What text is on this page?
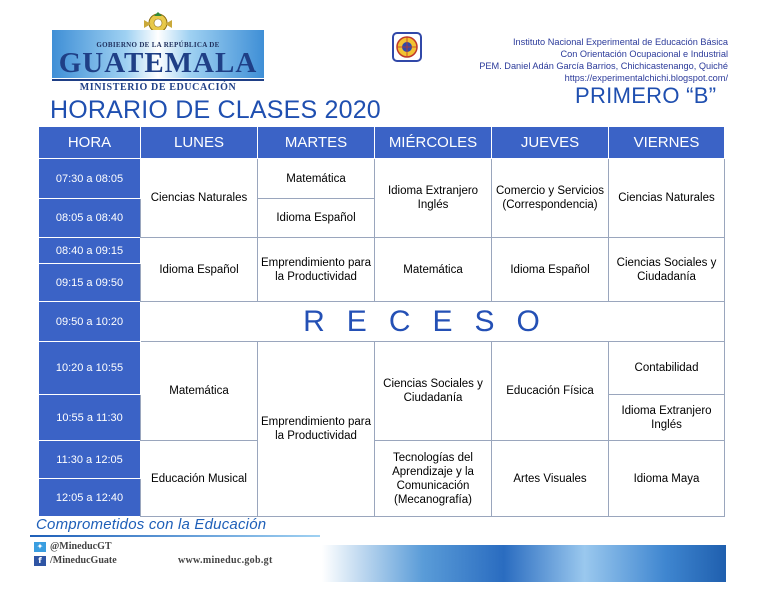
GOBIERNO DE LA REPÚBLICA DE
GUATEMALA
MINISTERIO DE EDUCACIÓN
Instituto Nacional Experimental de Educación Básica
Con Orientación Ocupacional e Industrial
PEM. Daniel Adán García Barrios, Chichicastenango, Quiché
https://experimentalchichi.blogspot.com/
HORARIO DE CLASES 2020
PRIMERO “B”
HORA	LUNES	MARTES	MIÉRCOLES	JUEVES	VIERNES
07:30 a 08:05	Ciencias Naturales	Matemática	Idioma Extranjero Inglés	Comercio y Servicios (Correspondencia)	Ciencias Naturales
08:05 a 08:40		Idioma Español			
08:40 a 09:15	Idioma Español	Emprendimiento para la Productividad	Matemática	Idioma Español	Ciencias Sociales y Ciudadanía
09:15 a 09:50					
09:50 a 10:20	RECESO				
10:20 a 10:55	Matemática	Emprendimiento para la Productividad	Ciencias Sociales y Ciudadanía	Educación Física	Contabilidad
10:55 a 11:30					Idioma Extranjero Inglés
11:30 a 12:05	Educación Musical		Tecnologías del Aprendizaje y la Comunicación (Mecanografía)	Artes Visuales	Idioma Maya
12:05 a 12:40					
Comprometidos con la Educación
✦ @MineducGT
f /MineducGuate	www.mineduc.gob.gt
